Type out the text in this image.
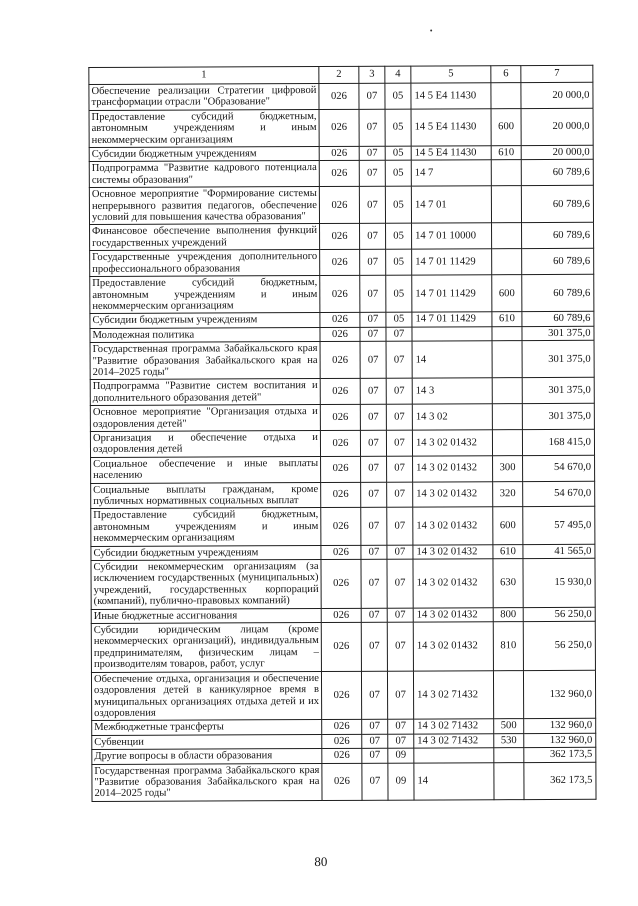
1	2	3	4	5	6	7
Обеспечение реализации Стратегии цифровой трансформации отрасли "Образование"	026	07	05	14 5 Е4 11430		20 000,0
Предоставление субсидий бюджетным, автономным учреждениям и иным некоммерческим организациям	026	07	05	14 5 Е4 11430	600	20 000,0
Субсидии бюджетным учреждениям	026	07	05	14 5 Е4 11430	610	20 000,0
Подпрограмма "Развитие кадрового потенциала системы образования"	026	07	05	14 7		60 789,6
Основное мероприятие "Формирование системы непрерывного развития педагогов, обеспечение условий для повышения качества образования"	026	07	05	14 7 01		60 789,6
Финансовое обеспечение выполнения функций государственных учреждений	026	07	05	14 7 01 10000		60 789,6
Государственные учреждения дополнительного профессионального образования	026	07	05	14 7 01 11429		60 789,6
Предоставление субсидий бюджетным, автономным учреждениям и иным некоммерческим организациям	026	07	05	14 7 01 11429	600	60 789,6
Субсидии бюджетным учреждениям	026	07	05	14 7 01 11429	610	60 789,6
Молодежная политика	026	07	07			301 375,0
Государственная программа Забайкальского края "Развитие образования Забайкальского края на 2014–2025 годы"	026	07	07	14		301 375,0
Подпрограмма "Развитие систем воспитания и дополнительного образования детей"	026	07	07	14 3		301 375,0
Основное мероприятие "Организация отдыха и оздоровления детей"	026	07	07	14 3 02		301 375,0
Организация и обеспечение отдыха и оздоровления детей	026	07	07	14 3 02 01432		168 415,0
Социальное обеспечение и иные выплаты населению	026	07	07	14 3 02 01432	300	54 670,0
Социальные выплаты гражданам, кроме публичных нормативных социальных выплат	026	07	07	14 3 02 01432	320	54 670,0
Предоставление субсидий бюджетным, автономным учреждениям и иным некоммерческим организациям	026	07	07	14 3 02 01432	600	57 495,0
Субсидии бюджетным учреждениям	026	07	07	14 3 02 01432	610	41 565,0
Субсидии некоммерческим организациям (за исключением государственных (муниципальных) учреждений, государственных корпораций (компаний), публично-правовых компаний)	026	07	07	14 3 02 01432	630	15 930,0
Иные бюджетные ассигнования	026	07	07	14 3 02 01432	800	56 250,0
Субсидии юридическим лицам (кроме некоммерческих организаций), индивидуальным предпринимателям, физическим лицам – производителям товаров, работ, услуг	026	07	07	14 3 02 01432	810	56 250,0
Обеспечение отдыха, организация и обеспечение оздоровления детей в каникулярное время в муниципальных организациях отдыха детей и их оздоровления	026	07	07	14 3 02 71432		132 960,0
Межбюджетные трансферты	026	07	07	14 3 02 71432	500	132 960,0
Субвенции	026	07	07	14 3 02 71432	530	132 960,0
Другие вопросы в области образования	026	07	09			362 173,5
Государственная программа Забайкальского края "Развитие образования Забайкальского края на 2014–2025 годы"	026	07	09	14		362 173,5
80
